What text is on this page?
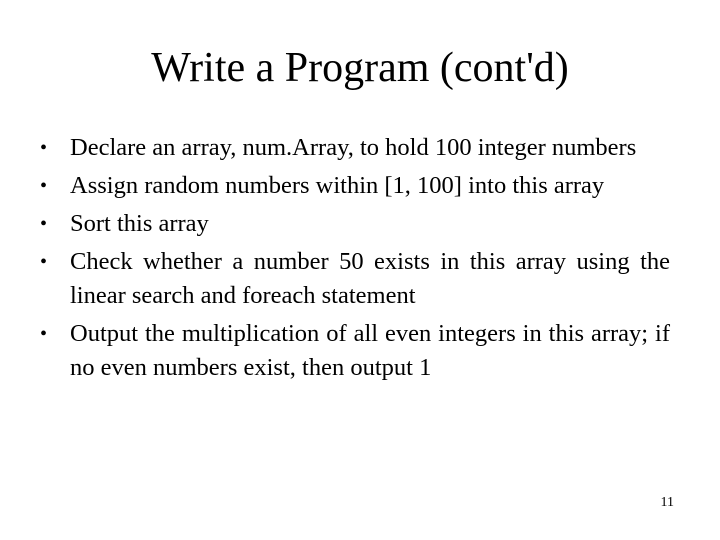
Write a Program (cont'd)
• Declare an array, num.Array, to hold 100 integer numbers
• Assign random numbers within [1, 100] into this array
• Sort this array
• Check whether a number 50 exists in this array using the linear search and foreach statement
• Output the multiplication of all even integers in this array; if no even numbers exist, then output 1
11
